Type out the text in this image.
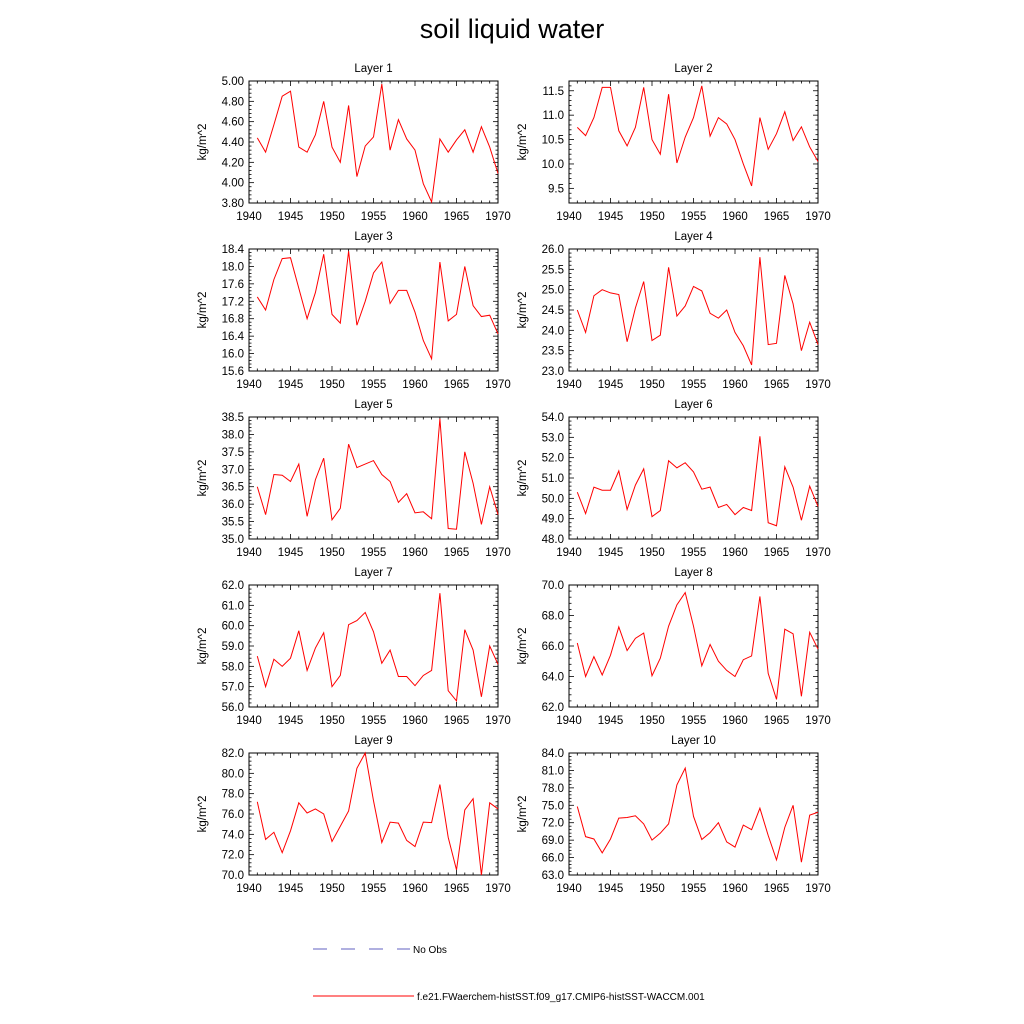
soil liquid water
Layer 1
kg/m^2
1940 1945 1950 1955 1960 1965 1970
3.80
4.00
4.20
4.40
4.60
4.80
5.00
Layer 2
kg/m^2
1940 1945 1950 1955 1960 1965 1970
9.5
10.0
10.5
11.0
11.5
Layer 3
kg/m^2
1940 1945 1950 1955 1960 1965 1970
15.6
16.0
16.4
16.8
17.2
17.6
18.0
18.4
Layer 4
kg/m^2
1940 1945 1950 1955 1960 1965 1970
23.0
23.5
24.0
24.5
25.0
25.5
26.0
Layer 5
kg/m^2
1940 1945 1950 1955 1960 1965 1970
35.0
35.5
36.0
36.5
37.0
37.5
38.0
38.5
Layer 6
kg/m^2
1940 1945 1950 1955 1960 1965 1970
48.0
49.0
50.0
51.0
52.0
53.0
54.0
Layer 7
kg/m^2
1940 1945 1950 1955 1960 1965 1970
56.0
57.0
58.0
59.0
60.0
61.0
62.0
Layer 8
kg/m^2
1940 1945 1950 1955 1960 1965 1970
62.0
64.0
66.0
68.0
70.0
Layer 9
kg/m^2
1940 1945 1950 1955 1960 1965 1970
70.0
72.0
74.0
76.0
78.0
80.0
82.0
Layer 10
kg/m^2
1940 1945 1950 1955 1960 1965 1970
63.0
66.0
69.0
72.0
75.0
78.0
81.0
84.0
No Obs
f.e21.FWaerchem-histSST.f09_g17.CMIP6-histSST-WACCM.001
